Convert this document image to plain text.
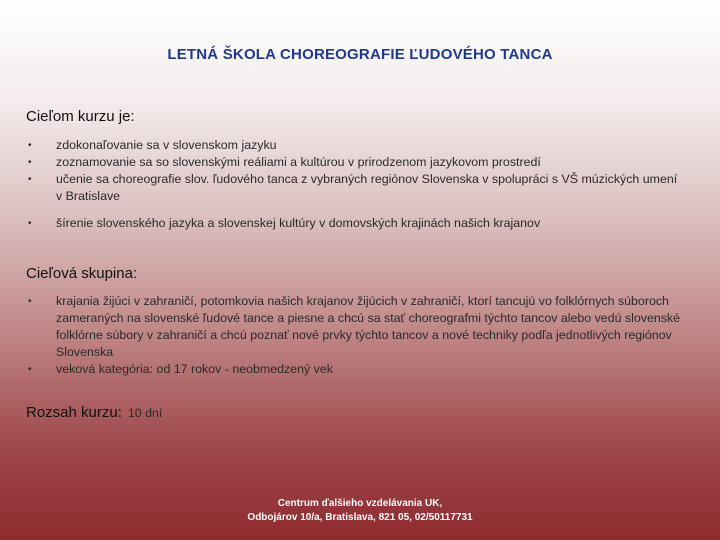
LETNÁ ŠKOLA CHOREOGRAFIE ĽUDOVÉHO TANCA
Cieľom kurzu je:
• zdokonaľovanie sa v slovenskom jazyku
• zoznamovanie sa so slovenskými reáliami a kultúrou v prirodzenom jazykovom prostredí
• učenie sa choreografie slov. ľudového tanca z vybraných regiónov Slovenska v spolupráci s VŠ múzických umení v Bratislave
• šírenie slovenského jazyka a slovenskej kultúry v domovských krajinách našich krajanov
Cieľová skupina:
• krajania žijúci v zahraničí, potomkovia našich krajanov žijúcich v zahraničí, ktorí tancujú vo folklórnych súboroch zameraných na slovenské ľudové tance a piesne a chcú sa stať choreografmi týchto tancov alebo vedú slovenské folklórne súbory v zahraničí a chcú poznať nové prvky týchto tancov a nové techniky podľa jednotlivých regiónov Slovenska
• veková kategória: od 17 rokov - neobmedzený vek
Rozsah kurzu: 10 dní
Centrum ďalšieho vzdelávania UK,
Odbojárov 10/a, Bratislava, 821 05, 02/50117731
